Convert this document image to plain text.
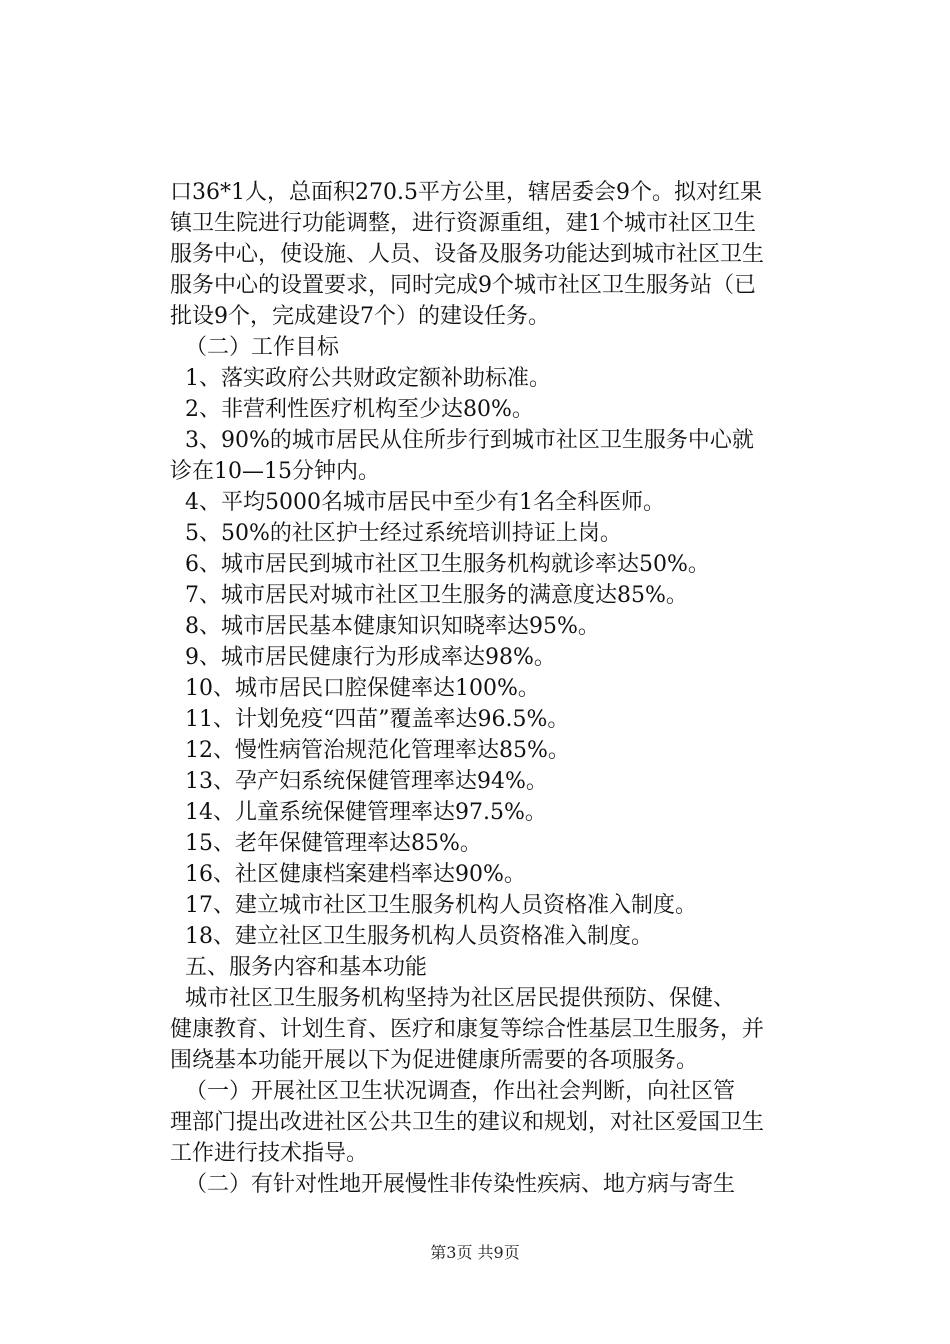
口36*1人，总面积270.5平方公里，辖居委会9个。拟对红果
镇卫生院进行功能调整，进行资源重组，建1个城市社区卫生
服务中心，使设施、人员、设备及服务功能达到城市社区卫生
服务中心的设置要求，同时完成9个城市社区卫生服务站（已
批设9个，完成建设7个）的建设任务。
（二）工作目标
1、落实政府公共财政定额补助标准。
2、非营利性医疗机构至少达80%。
3、90%的城市居民从住所步行到城市社区卫生服务中心就
诊在10—15分钟内。
4、平均5000名城市居民中至少有1名全科医师。
5、50%的社区护士经过系统培训持证上岗。
6、城市居民到城市社区卫生服务机构就诊率达50%。
7、城市居民对城市社区卫生服务的满意度达85%。
8、城市居民基本健康知识知晓率达95%。
9、城市居民健康行为形成率达98%。
10、城市居民口腔保健率达100%。
11、计划免疫“四苗”覆盖率达96.5%。
12、慢性病管治规范化管理率达85%。
13、孕产妇系统保健管理率达94%。
14、儿童系统保健管理率达97.5%。
15、老年保健管理率达85%。
16、社区健康档案建档率达90%。
17、建立城市社区卫生服务机构人员资格准入制度。
18、建立社区卫生服务机构人员资格准入制度。
五、服务内容和基本功能
城市社区卫生服务机构坚持为社区居民提供预防、保健、
健康教育、计划生育、医疗和康复等综合性基层卫生服务，并
围绕基本功能开展以下为促进健康所需要的各项服务。
（一）开展社区卫生状况调查，作出社会判断，向社区管
理部门提出改进社区公共卫生的建议和规划，对社区爱国卫生
工作进行技术指导。
（二）有针对性地开展慢性非传染性疾病、地方病与寄生
第3页 共9页
